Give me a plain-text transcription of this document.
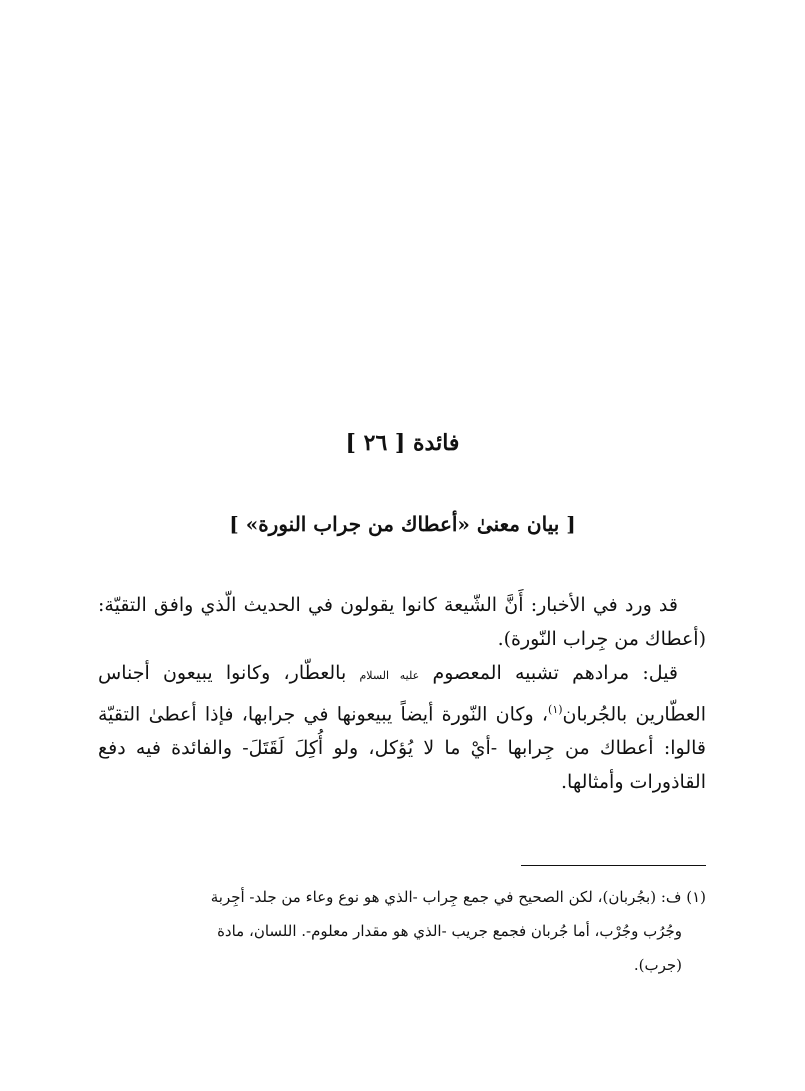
فائدة [ ٢٦ ]
[ بيان معنىٰ «أعطاك من جراب النورة» ]

قد ورد في الأخبار: أَنَّ الشّيعة كانوا يقولون في الحديث الّذي وافق التقيّة: (أعطاك من جِراب النّورة).

قيل: مرادهم تشبيه المعصوم عليه السلام بالعطّار، وكانوا يبيعون أجناس العطّارين بالجُربان$^{(١)}$، وكان النّورة أيضاً يبيعونها في جرابها، فإذا أعطىٰ التقيّة قالوا: أعطاك من جِرابها -أيْ ما لا يُؤكل، ولو أُكِلَ لَقَتَلَ- والفائدة فيه دفع القاذورات وأمثالها.

(١) ف: (بجُربان)، لكن الصحيح في جمع جِراب -الذي هو نوع وعاء من جلد- أجِربة

وجُرُب وجُرْب، أما جُربان فجمع جريب -الذي هو مقدار معلوم-. اللسان، مادة

(جرب).
